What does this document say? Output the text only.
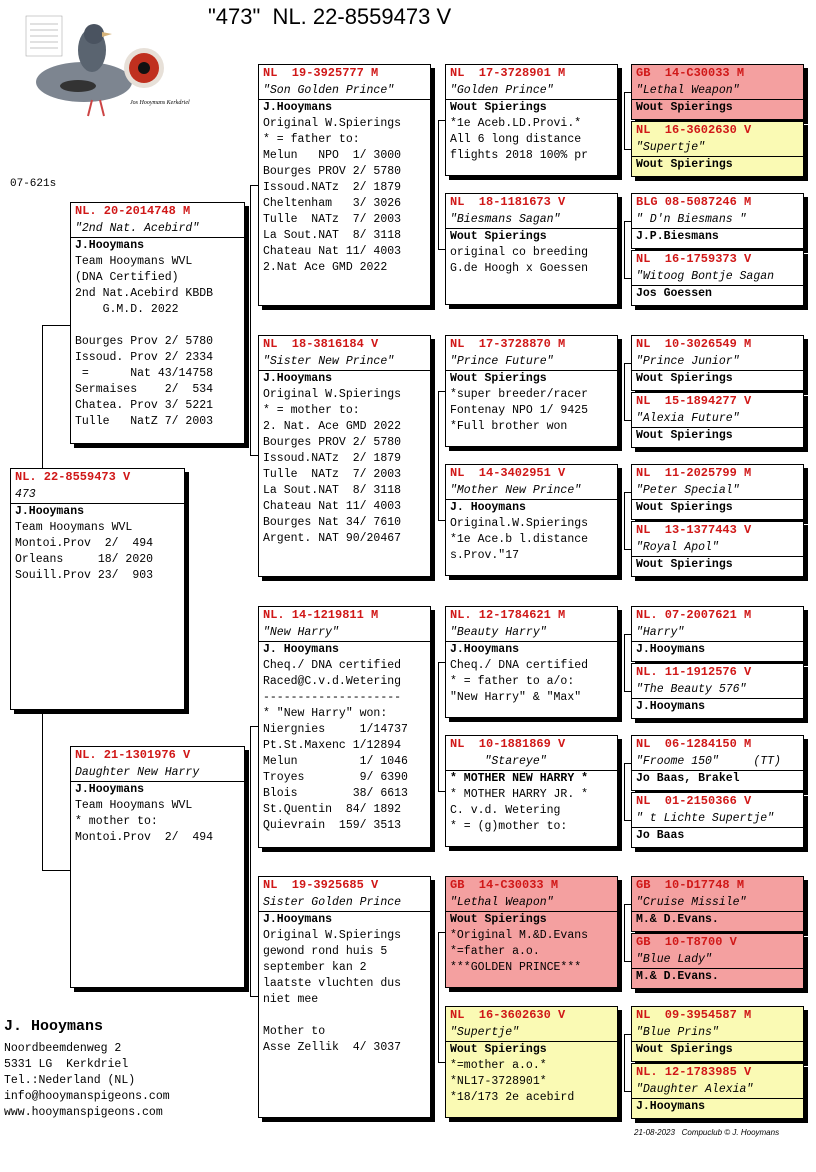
"473"  NL. 22-8559473 V
Jos Hooymans Kerkdriel
07-621s
NL. 22-8559473 V
473
J.Hooymans
Team Hooymans WVL
Montoi.Prov  2/  494
Orleans     18/ 2020
Souill.Prov 23/  903
NL. 20-2014748 M
"2nd Nat. Acebird"
J.Hooymans
Team Hooymans WVL
(DNA Certified)
2nd Nat.Acebird KBDB
G.M.D. 2022

Bourges Prov 2/ 5780
Issoud. Prov 2/ 2334
=      Nat 43/14758
Sermaises    2/  534
Chatea. Prov 3/ 5221
Tulle   NatZ 7/ 2003
NL. 21-1301976 V
Daughter New Harry
J.Hooymans
Team Hooymans WVL
* mother to:
Montoi.Prov  2/  494
NL  19-3925777 M
"Son Golden Prince"
J.Hooymans
Original W.Spierings
* = father to:
Melun   NPO  1/ 3000
Bourges PROV 2/ 5780
Issoud.NATz  2/ 1879
Cheltenham   3/ 3026
Tulle  NATz  7/ 2003
La Sout.NAT  8/ 3118
Chateau Nat 11/ 4003
2.Nat Ace GMD 2022
NL  18-3816184 V
"Sister New Prince"
J.Hooymans
Original W.Spierings
* = mother to:
2. Nat. Ace GMD 2022
Bourges PROV 2/ 5780
Issoud.NATz  2/ 1879
Tulle  NATz  7/ 2003
La Sout.NAT  8/ 3118
Chateau Nat 11/ 4003
Bourges Nat 34/ 7610
Argent. NAT 90/20467
NL. 14-1219811 M
"New Harry"
J. Hooymans
Cheq./ DNA certified
Raced@C.v.d.Wetering
--------------------
* "New Harry" won:
Niergnies     1/14737
Pt.St.Maxenc 1/12894
Melun         1/ 1046
Troyes        9/ 6390
Blois        38/ 6613
St.Quentin  84/ 1892
Quievrain  159/ 3513
NL  19-3925685 V
Sister Golden Prince
J.Hooymans
Original W.Spierings
gewond rond huis 5
september kan 2
laatste vluchten dus
niet mee

Mother to
Asse Zellik  4/ 3037
NL  17-3728901 M
"Golden Prince"
Wout Spierings
*1e Aceb.LD.Provi.*
All 6 long distance
flights 2018 100% pr
NL  18-1181673 V
"Biesmans Sagan"
Wout Spierings
original co breeding
G.de Hoogh x Goessen
NL  17-3728870 M
"Prince Future"
Wout Spierings
*super breeder/racer
Fontenay NPO 1/ 9425
*Full brother won
NL  14-3402951 V
"Mother New Prince"
J. Hooymans
Original.W.Spierings
*1e Ace.b l.distance
s.Prov."17
NL. 12-1784621 M
"Beauty Harry"
J.Hooymans
Cheq./ DNA certified
* = father to a/o:
"New Harry" & "Max"
NL  10-1881869 V
"Stareye"
* MOTHER NEW HARRY *
* MOTHER HARRY JR. *
C. v.d. Wetering
* = (g)mother to:
GB  14-C30033 M
"Lethal Weapon"
Wout Spierings
*Original M.&D.Evans
*=father a.o.
***GOLDEN PRINCE***
NL  16-3602630 V
"Supertje"
Wout Spierings
*=mother a.o.*
*NL17-3728901*
*18/173 2e acebird
GB  14-C30033 M
"Lethal Weapon"
Wout Spierings
NL  16-3602630 V
"Supertje"
Wout Spierings
BLG 08-5087246 M
" D'n Biesmans "
J.P.Biesmans
NL  16-1759373 V
"Witoog Bontje Sagan
Jos Goessen
NL  10-3026549 M
"Prince Junior"
Wout Spierings
NL  15-1894277 V
"Alexia Future"
Wout Spierings
NL  11-2025799 M
"Peter Special"
Wout Spierings
NL  13-1377443 V
"Royal Apol"
Wout Spierings
NL. 07-2007621 M
"Harry"
J.Hooymans
NL. 11-1912576 V
"The Beauty 576"
J.Hooymans
NL  06-1284150 M
"Froome 150"     (TT)
Jo Baas, Brakel
NL  01-2150366 V
" t Lichte Supertje"
Jo Baas
GB  10-D17748 M
"Cruise Missile"
M.& D.Evans.
GB  10-T8700 V
"Blue Lady"
M.& D.Evans.
NL  09-3954587 M
"Blue Prins"
Wout Spierings
NL. 12-1783985 V
"Daughter Alexia"
J.Hooymans
J. Hooymans
Noordbeemdenweg 2
5331 LG  Kerkdriel
Tel.:Nederland (NL)
info@hooymanspigeons.com
www.hooymanspigeons.com
21-08-2023   Compuclub © J. Hooymans
